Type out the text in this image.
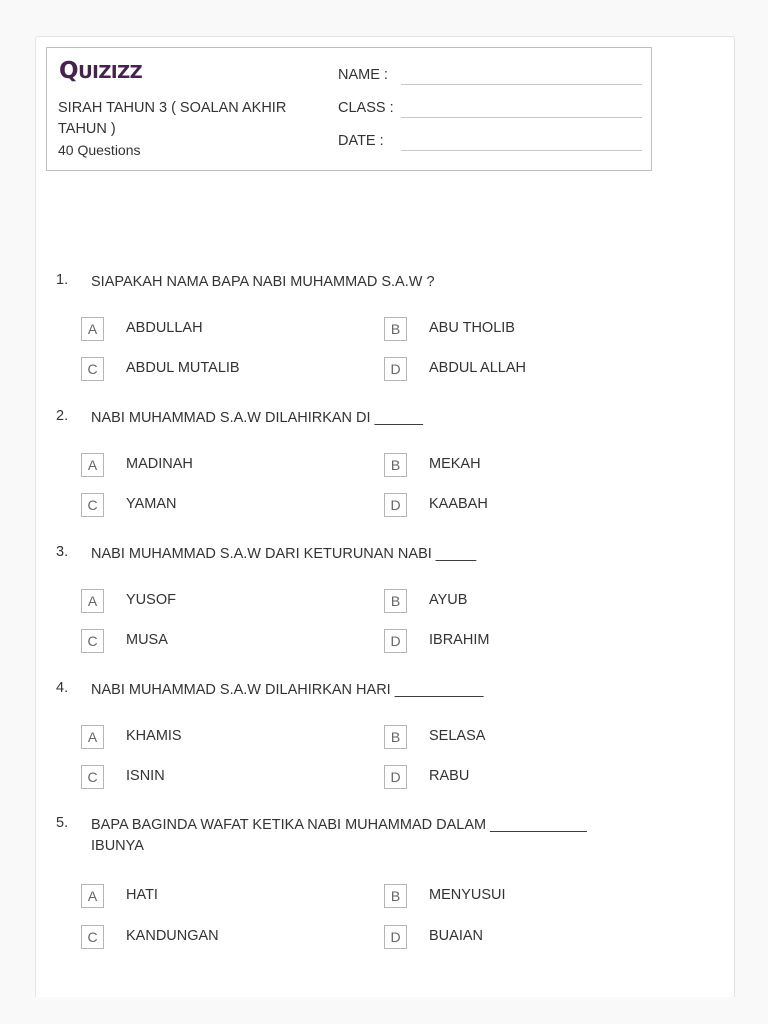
QUIZIZZ
SIRAH TAHUN 3 ( SOALAN AKHIR TAHUN )
40 Questions
NAME :
CLASS :
DATE :
1. SIAPAKAH NAMA BAPA NABI MUHAMMAD S.A.W ?
A	ABDULLAH	B	ABU THOLIB
C	ABDUL MUTALIB	D	ABDUL ALLAH
2. NABI MUHAMMAD S.A.W DILAHIRKAN DI ______
A	MADINAH	B	MEKAH
C	YAMAN	D	KAABAH
3. NABI MUHAMMAD S.A.W DARI KETURUNAN NABI _____
A	YUSOF	B	AYUB
C	MUSA	D	IBRAHIM
4. NABI MUHAMMAD S.A.W DILAHIRKAN HARI ___________
A	KHAMIS	B	SELASA
C	ISNIN	D	RABU
5. BAPA BAGINDA WAFAT KETIKA NABI MUHAMMAD DALAM ____________ IBUNYA
A	HATI	B	MENYUSUI
C	KANDUNGAN	D	BUAIAN
